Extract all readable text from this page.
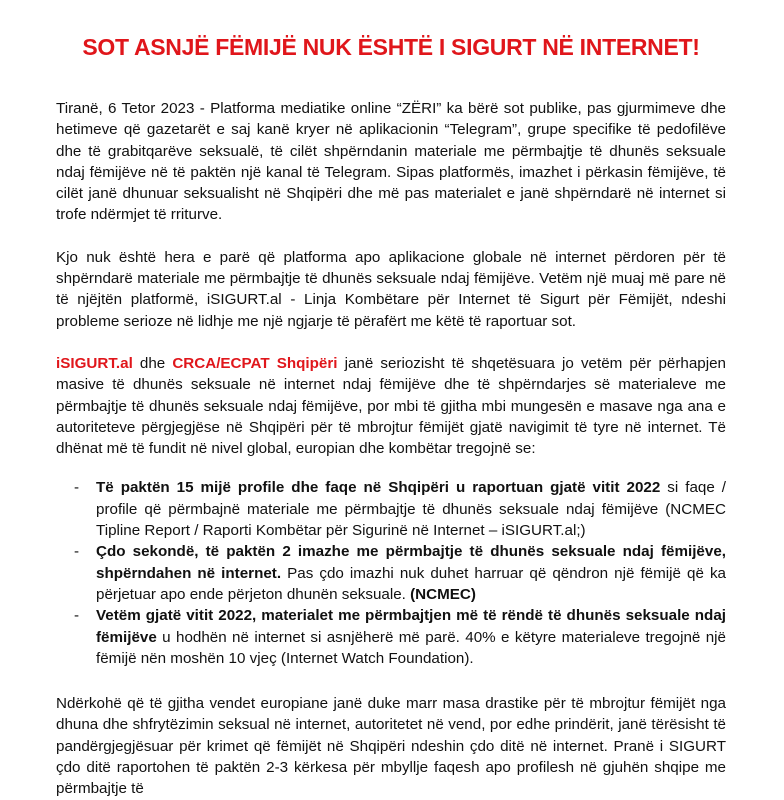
SOT ASNJË FËMIJË NUK ËSHTË I SIGURT NË INTERNET!

Tiranë, 6 Tetor 2023 - Platforma mediatike online “ZËRI” ka bërë sot publike, pas gjurmimeve dhe hetimeve që gazetarët e saj kanë kryer në aplikacionin “Telegram”, grupe specifike të pedofilëve dhe të grabitqarëve seksualë, të cilët shpërndanin materiale me përmbajtje të dhunës seksuale ndaj fëmijëve në të paktën një kanal të Telegram. Sipas platformës, imazhet i përkasin fëmijëve, të cilët janë dhunuar seksualisht në Shqipëri dhe më pas materialet e janë shpërndarë në internet si trofe ndërmjet të rriturve.

Kjo nuk është hera e parë që platforma apo aplikacione globale në internet përdoren për të shpërndarë materiale me përmbajtje të dhunës seksuale ndaj fëmijëve. Vetëm një muaj më pare në të njëjtën platformë, iSIGURT.al - Linja Kombëtare për Internet të Sigurt për Fëmijët, ndeshi probleme serioze në lidhje me një ngjarje të përafërt me këtë të raportuar sot.

iSIGURT.al dhe CRCA/ECPAT Shqipëri janë seriozisht të shqetësuara jo vetëm për përhapjen masive të dhunës seksuale në internet ndaj fëmijëve dhe të shpërndarjes së materialeve me përmbajtje të dhunës seksuale ndaj fëmijëve, por mbi të gjitha mbi mungesën e masave nga ana e autoriteteve përgjegjëse në Shqipëri për të mbrojtur fëmijët gjatë navigimit të tyre në internet. Të dhënat më të fundit në nivel global, europian dhe kombëtar tregojnë se:

- Të paktën 15 mijë profile dhe faqe në Shqipëri u raportuan gjatë vitit 2022 si faqe / profile që përmbajnë materiale me përmbajtje të dhunës seksuale ndaj fëmijëve (NCMEC Tipline Report / Raporti Kombëtar për Sigurinë në Internet – iSIGURT.al;)
- Çdo sekondë, të paktën 2 imazhe me përmbajtje të dhunës seksuale ndaj fëmijëve, shpërndahen në internet. Pas çdo imazhi nuk duhet harruar që qëndron një fëmijë që ka përjetuar apo ende përjeton dhunën seksuale. (NCMEC)
- Vetëm gjatë vitit 2022, materialet me përmbajtjen më të rëndë të dhunës seksuale ndaj fëmijëve u hodhën në internet si asnjëherë më parë. 40% e këtyre materialeve tregojnë një fëmijë nën moshën 10 vjeç (Internet Watch Foundation).

Ndërkohë që të gjitha vendet europiane janë duke marr masa drastike për të mbrojtur fëmijët nga dhuna dhe shfrytëzimin seksual në internet, autoritetet në vend, por edhe prindërit, janë tërësisht të pandërgjegjësuar për krimet që fëmijët në Shqipëri ndeshin çdo ditë në internet. Pranë i SIGURT çdo ditë raportohen të paktën 2-3 kërkesa për mbyllje faqesh apo profilesh në gjuhën shqipe me përmbajtje të
